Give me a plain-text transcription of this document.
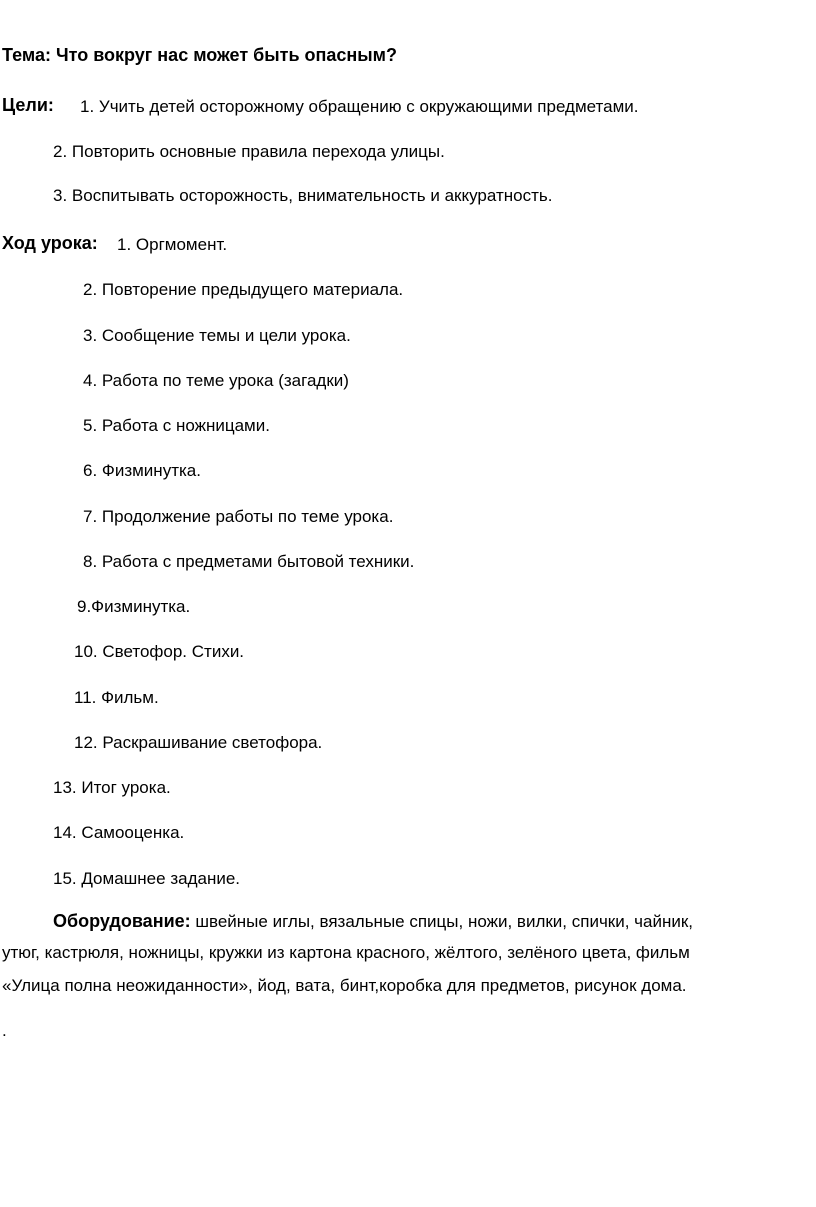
Тема: Что вокруг нас может быть опасным?
Цели: 1. Учить детей осторожному обращению с окружающими предметами.
2. Повторить основные правила перехода улицы.
3. Воспитывать осторожность, внимательность и аккуратность.
Ход урока: 1. Оргмомент.
2. Повторение предыдущего материала.
3. Сообщение темы и цели урока.
4. Работа по теме урока (загадки)
5. Работа с ножницами.
6. Физминутка.
7. Продолжение работы по теме урока.
8. Работа с предметами бытовой техники.
9.Физминутка.
10. Светофор. Стихи.
11. Фильм.
12. Раскрашивание светофора.
13. Итог урока.
14. Самооценка.
15. Домашнее задание.
Оборудование: швейные иглы, вязальные спицы, ножи, вилки, спички, чайник,
утюг, кастрюля, ножницы, кружки из картона красного, жёлтого, зелёного цвета, фильм
«Улица полна неожиданности», йод, вата, бинт,коробка для предметов, рисунок дома.
.
